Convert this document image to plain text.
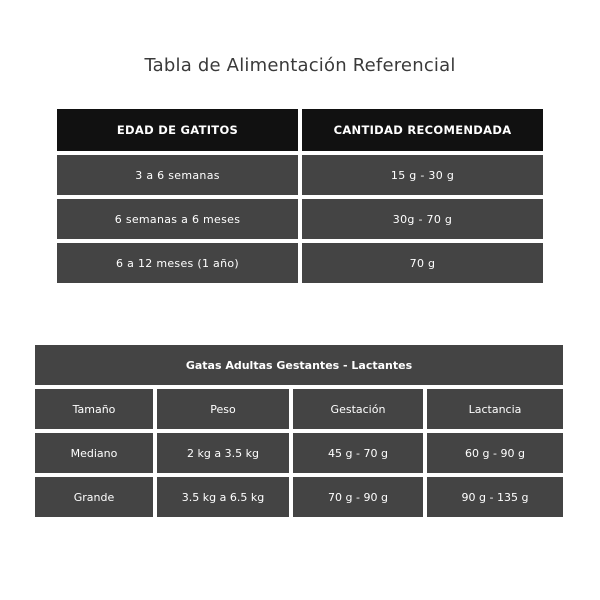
Tabla de Alimentación Referencial
EDAD DE GATITOS	CANTIDAD RECOMENDADA
3 a 6 semanas	15 g - 30 g
6 semanas a 6 meses	30g - 70 g
6 a 12 meses (1 año)	70 g
Gatas Adultas Gestantes - Lactantes
Tamaño	Peso	Gestación	Lactancia
Mediano	2 kg a 3.5 kg	45 g - 70 g	60 g - 90 g
Grande	3.5 kg a 6.5 kg	70 g - 90 g	90 g - 135 g
